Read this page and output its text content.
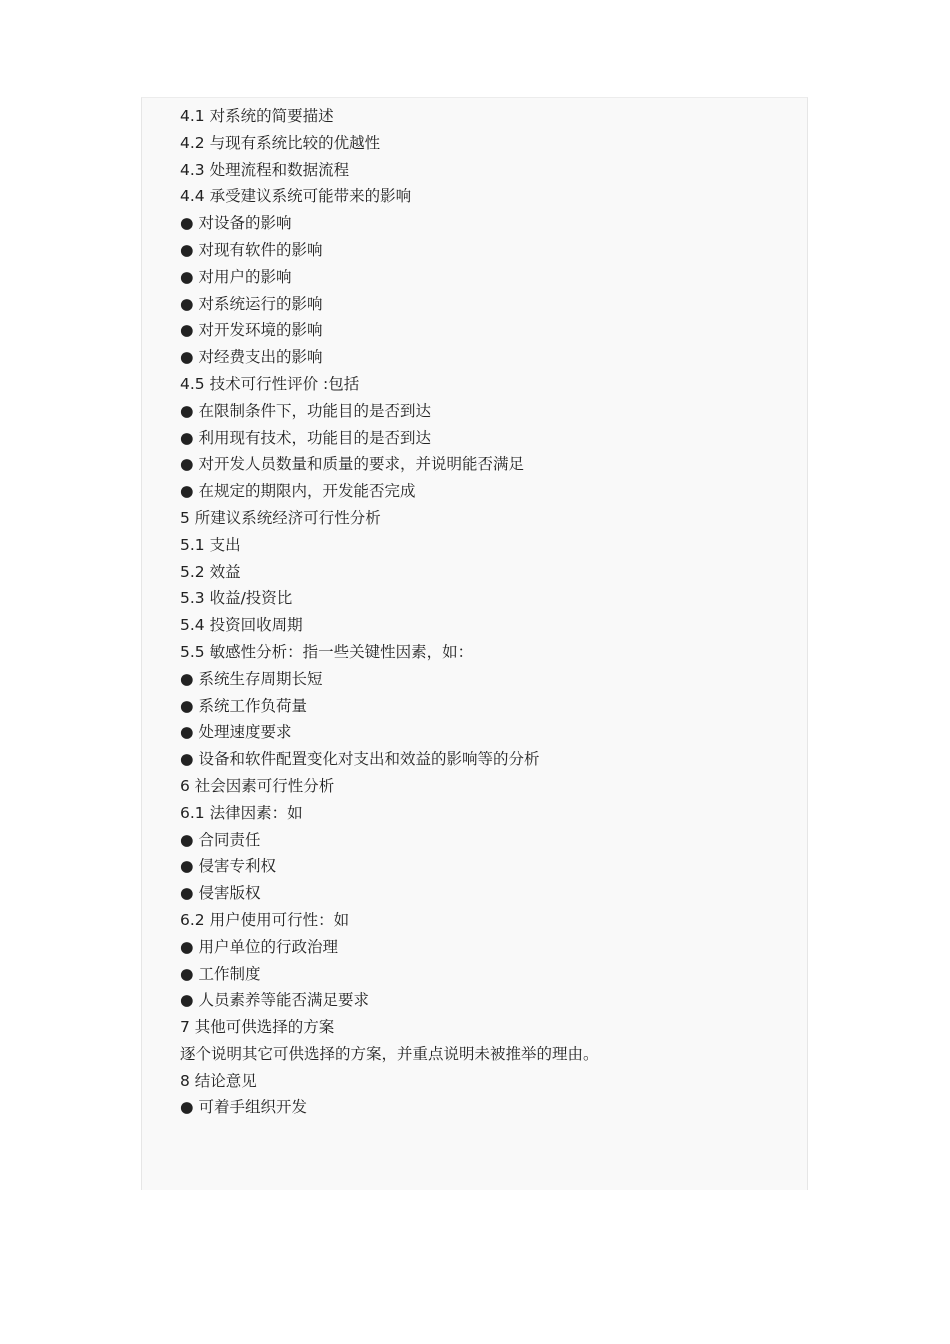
4.1 对系统的简要描述
4.2 与现有系统比较的优越性
4.3 处理流程和数据流程
4.4 承受建议系统可能带来的影响
● 对设备的影响
● 对现有软件的影响
● 对用户的影响
● 对系统运行的影响
● 对开发环境的影响
● 对经费支出的影响
4.5 技术可行性评价 :包括
● 在限制条件下，功能目的是否到达
● 利用现有技术，功能目的是否到达
● 对开发人员数量和质量的要求，并说明能否满足
● 在规定的期限内，开发能否完成
5 所建议系统经济可行性分析
5.1 支出
5.2 效益
5.3 收益/投资比
5.4 投资回收周期
5.5 敏感性分析：指一些关键性因素，如：
● 系统生存周期长短
● 系统工作负荷量
● 处理速度要求
● 设备和软件配置变化对支出和效益的影响等的分析
6 社会因素可行性分析
6.1 法律因素：如
● 合同责任
● 侵害专利权
● 侵害版权
6.2 用户使用可行性：如
● 用户单位的行政治理
● 工作制度
● 人员素养等能否满足要求
7 其他可供选择的方案
逐个说明其它可供选择的方案，并重点说明未被推举的理由。
8 结论意见
● 可着手组织开发
